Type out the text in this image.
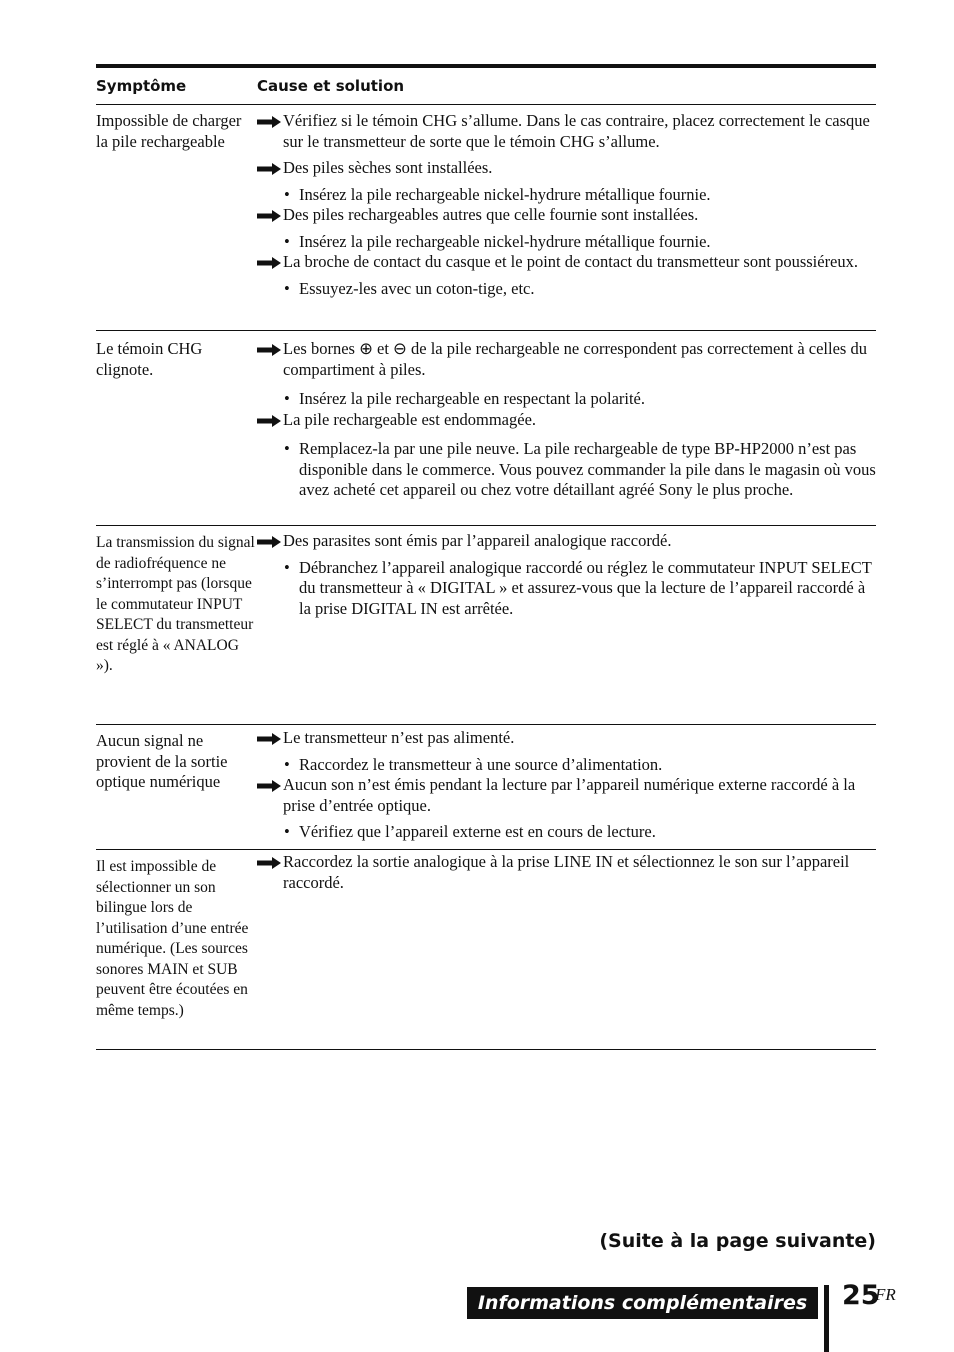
Symptôme	Cause et solution
Impossible de charger la pile rechargeable
Vérifiez si le témoin CHG s’allume. Dans le cas contraire, placez correctement le casque sur le transmetteur de sorte que le témoin CHG s’allume.
Des piles sèches sont installées.
• Insérez la pile rechargeable nickel-hydrure métallique fournie.
Des piles rechargeables autres que celle fournie sont installées.
• Insérez la pile rechargeable nickel-hydrure métallique fournie.
La broche de contact du casque et le point de contact du transmetteur sont poussiéreux.
• Essuyez-les avec un coton-tige, etc.
Le témoin CHG clignote.
Les bornes ⊕ et ⊖ de la pile rechargeable ne correspondent pas correctement à celles du compartiment à piles.
• Insérez la pile rechargeable en respectant la polarité.
La pile rechargeable est endommagée.
• Remplacez-la par une pile neuve. La pile rechargeable de type BP-HP2000 n’est pas disponible dans le commerce. Vous pouvez commander la pile dans le magasin où vous avez acheté cet appareil ou chez votre détaillant agréé Sony le plus proche.
La transmission du signal de radiofréquence ne s’interrompt pas (lorsque le commutateur INPUT SELECT du transmetteur est réglé à « ANALOG »).
Des parasites sont émis par l’appareil analogique raccordé.
• Débranchez l’appareil analogique raccordé ou réglez le commutateur INPUT SELECT du transmetteur à « DIGITAL » et assurez-vous que la lecture de l’appareil raccordé à la prise DIGITAL IN est arrêtée.
Aucun signal ne provient de la sortie optique numérique
Le transmetteur n’est pas alimenté.
• Raccordez le transmetteur à une source d’alimentation.
Aucun son n’est émis pendant la lecture par l’appareil numérique externe raccordé à la prise d’entrée optique.
• Vérifiez que l’appareil externe est en cours de lecture.
Il est impossible de sélectionner un son bilingue lors de l’utilisation d’une entrée numérique. (Les sources sonores MAIN et SUB peuvent être écoutées en même temps.)
Raccordez la sortie analogique à la prise LINE IN et sélectionnez le son sur l’appareil raccordé.
(Suite à la page suivante)
Informations complémentaires 25
FR
